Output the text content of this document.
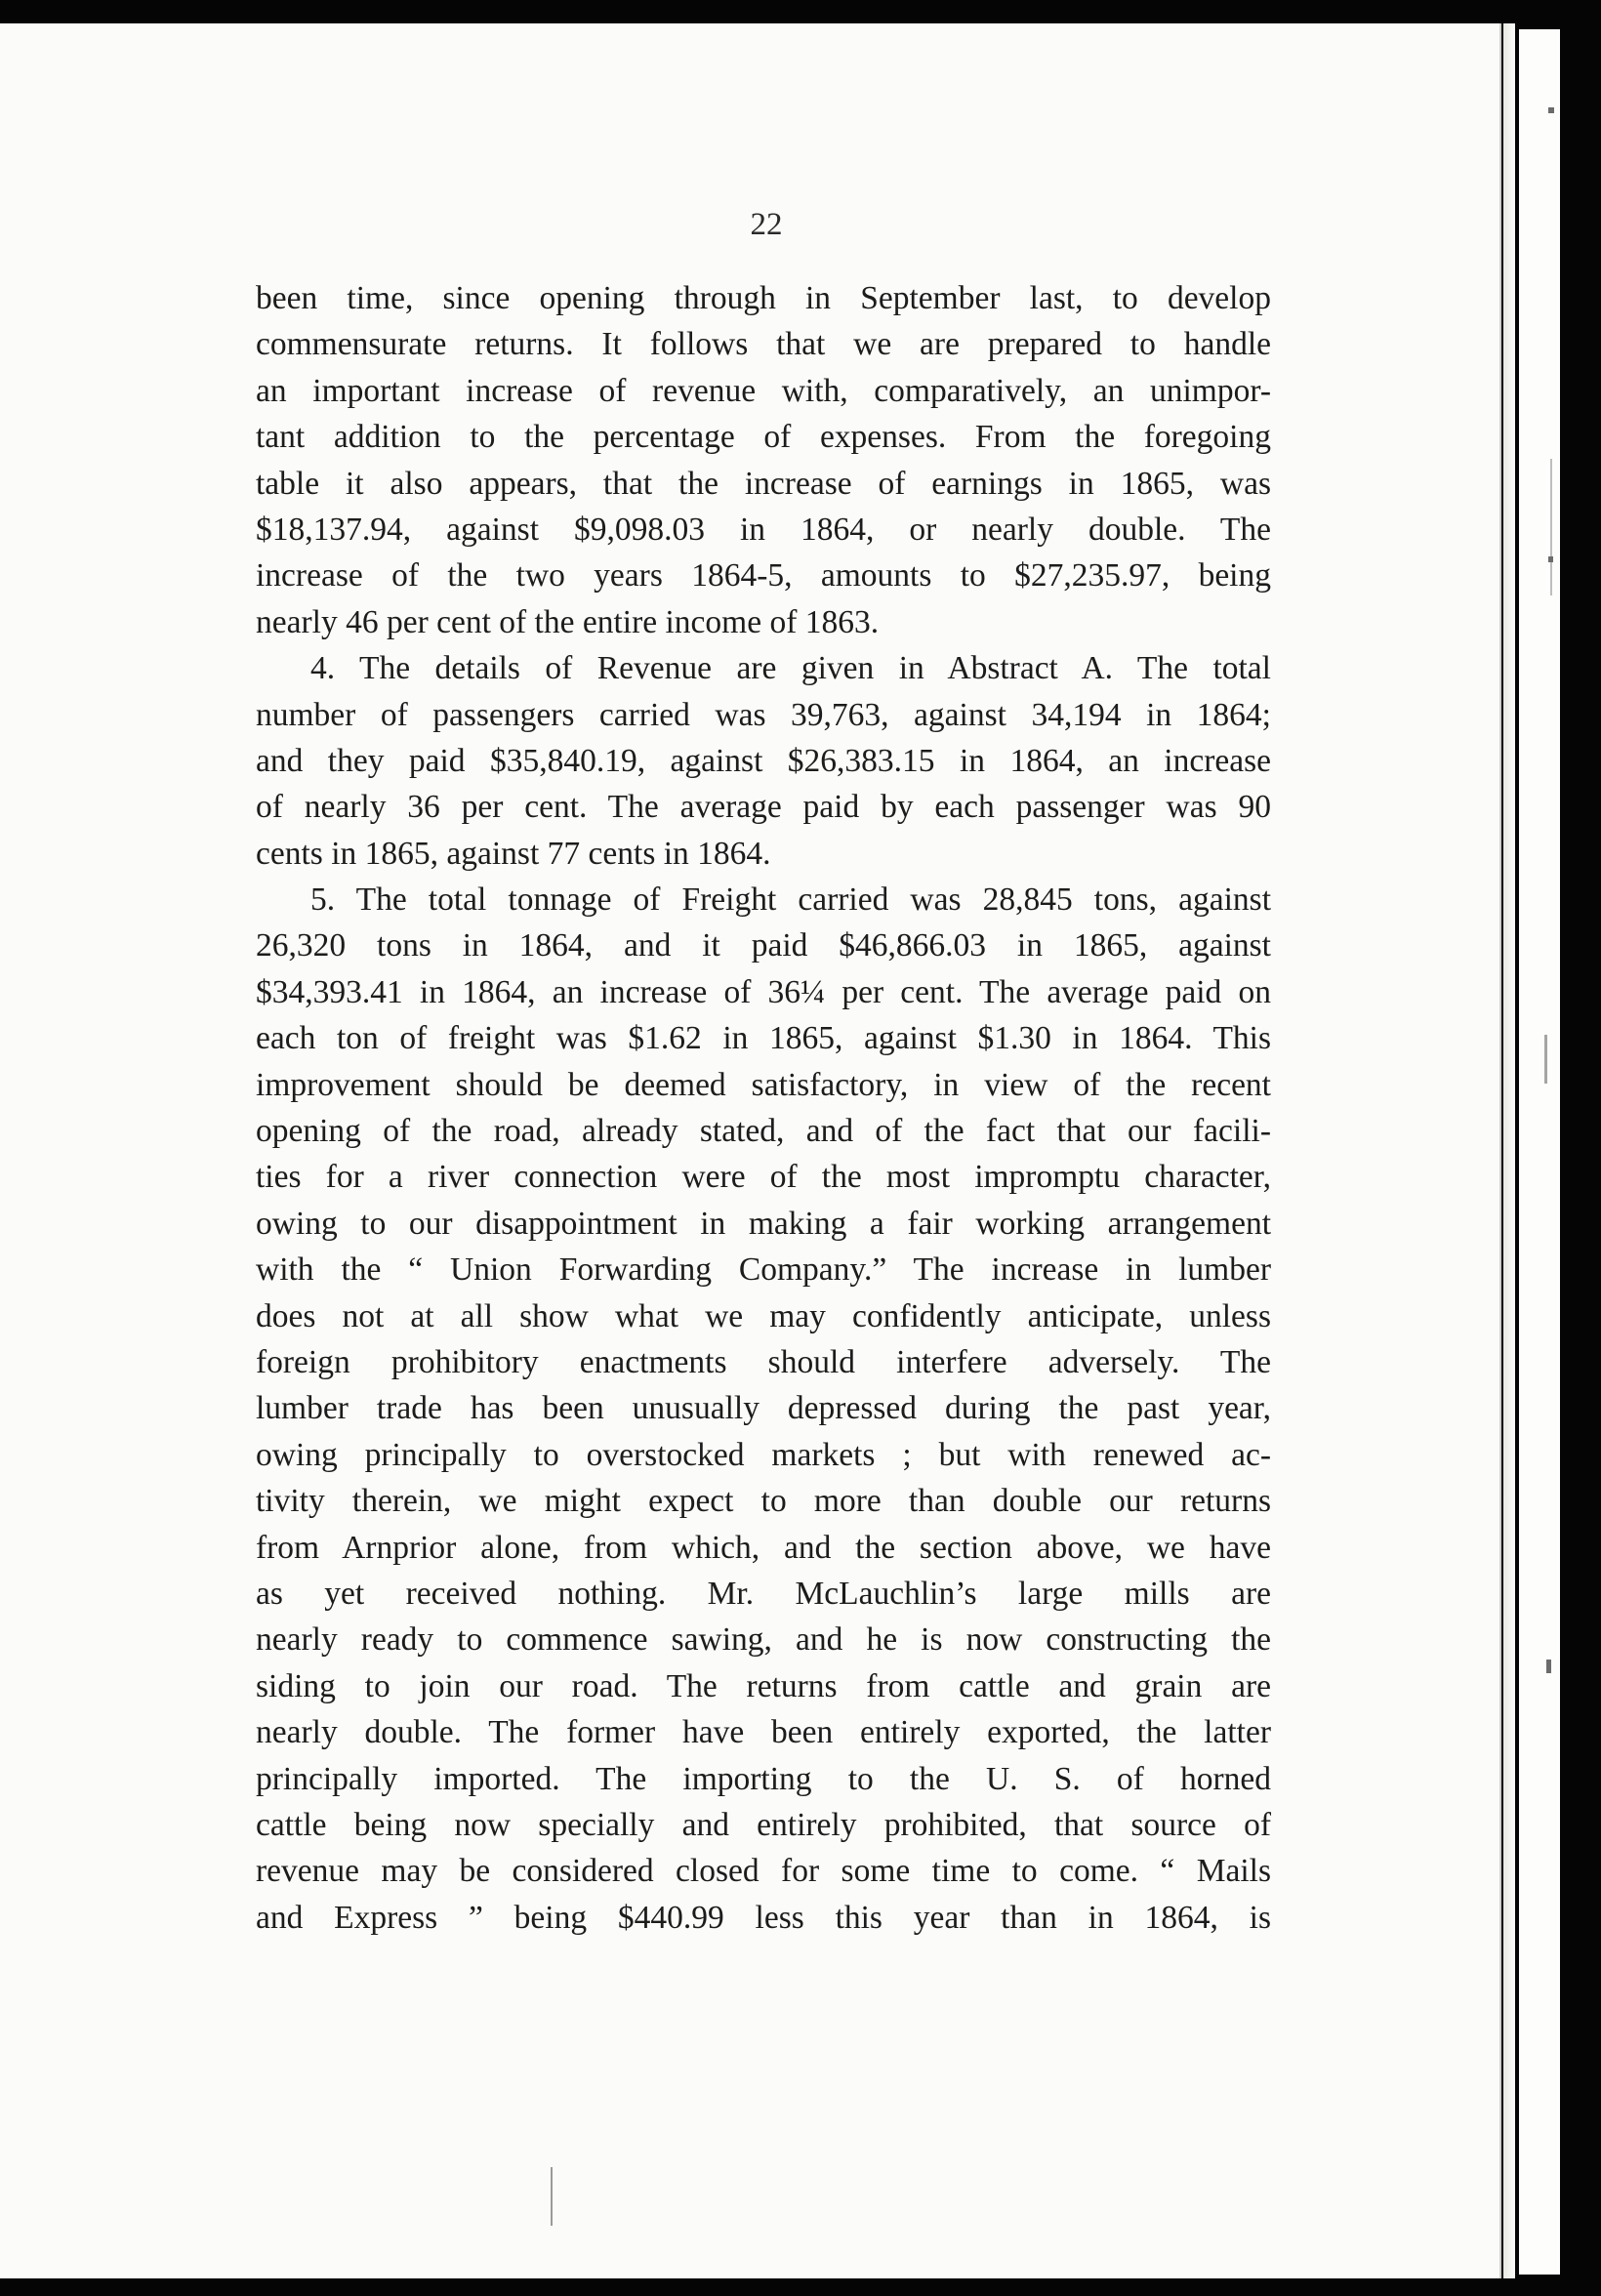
22
been time, since opening through in September last, to develop
commensurate returns. It follows that we are prepared to handle
an important increase of revenue with, comparatively, an unimpor-
tant addition to the percentage of expenses. From the foregoing
table it also appears, that the increase of earnings in 1865, was
$18,137.94, against $9,098.03 in 1864, or nearly double. The
increase of the two years 1864-5, amounts to $27,235.97, being
nearly 46 per cent of the entire income of 1863.
4. The details of Revenue are given in Abstract A. The total
number of passengers carried was 39,763, against 34,194 in 1864;
and they paid $35,840.19, against $26,383.15 in 1864, an increase
of nearly 36 per cent. The average paid by each passenger was 90
cents in 1865, against 77 cents in 1864.
5. The total tonnage of Freight carried was 28,845 tons, against
26,320 tons in 1864, and it paid $46,866.03 in 1865, against
$34,393.41 in 1864, an increase of 36¼ per cent. The average paid on
each ton of freight was $1.62 in 1865, against $1.30 in 1864. This
improvement should be deemed satisfactory, in view of the recent
opening of the road, already stated, and of the fact that our facili-
ties for a river connection were of the most impromptu character,
owing to our disappointment in making a fair working arrangement
with the “ Union Forwarding Company.” The increase in lumber
does not at all show what we may confidently anticipate, unless
foreign prohibitory enactments should interfere adversely. The
lumber trade has been unusually depressed during the past year,
owing principally to overstocked markets ; but with renewed ac-
tivity therein, we might expect to more than double our returns
from Arnprior alone, from which, and the section above, we have
as yet received nothing. Mr. McLauchlin’s large mills are
nearly ready to commence sawing, and he is now constructing the
siding to join our road. The returns from cattle and grain are
nearly double. The former have been entirely exported, the latter
principally imported. The importing to the U. S. of horned
cattle being now specially and entirely prohibited, that source of
revenue may be considered closed for some time to come. “ Mails
and Express ” being $440.99 less this year than in 1864, is
